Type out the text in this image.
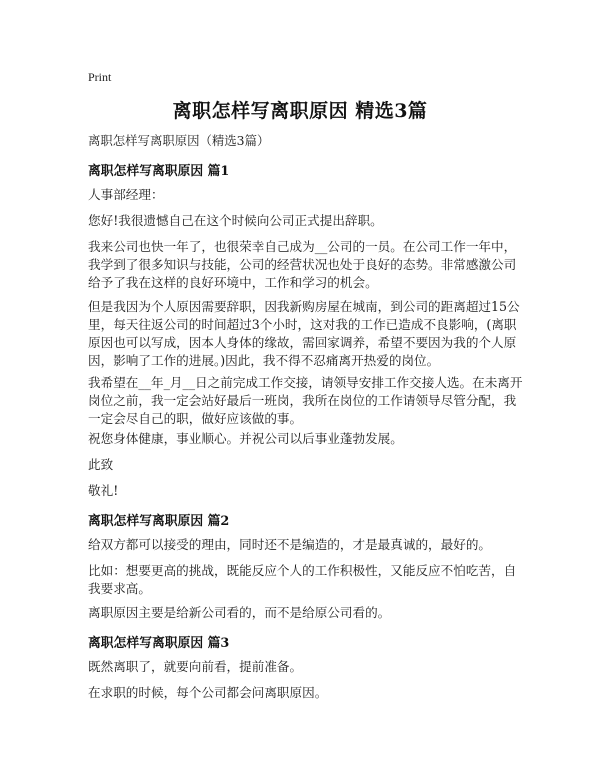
Print
离职怎样写离职原因 精选3篇
离职怎样写离职原因（精选3篇）
离职怎样写离职原因 篇1
人事部经理：
您好!我很遗憾自己在这个时候向公司正式提出辞职。
我来公司也快一年了，也很荣幸自己成为__公司的一员。在公司工作一年中，我学到了很多知识与技能，公司的经营状况也处于良好的态势。非常感激公司给予了我在这样的良好环境中，工作和学习的机会。
但是我因为个人原因需要辞职，因我新购房屋在城南，到公司的距离超过15公里，每天往返公司的时间超过3个小时，这对我的工作已造成不良影响，(离职原因也可以写成，因本人身体的缘故，需回家调养，希望不要因为我的个人原因，影响了工作的进展。)因此，我不得不忍痛离开热爱的岗位。
我希望在__年_月__日之前完成工作交接，请领导安排工作交接人选。在未离开岗位之前，我一定会站好最后一班岗，我所在岗位的工作请领导尽管分配，我一定会尽自己的职，做好应该做的事。
祝您身体健康，事业顺心。并祝公司以后事业蓬勃发展。
此致
敬礼!
离职怎样写离职原因 篇2
给双方都可以接受的理由，同时还不是编造的，才是最真诚的，最好的。
比如：想要更高的挑战，既能反应个人的工作积极性，又能反应不怕吃苦，自我要求高。
离职原因主要是给新公司看的，而不是给原公司看的。
离职怎样写离职原因 篇3
既然离职了，就要向前看，提前准备。
在求职的时候，每个公司都会问离职原因。
